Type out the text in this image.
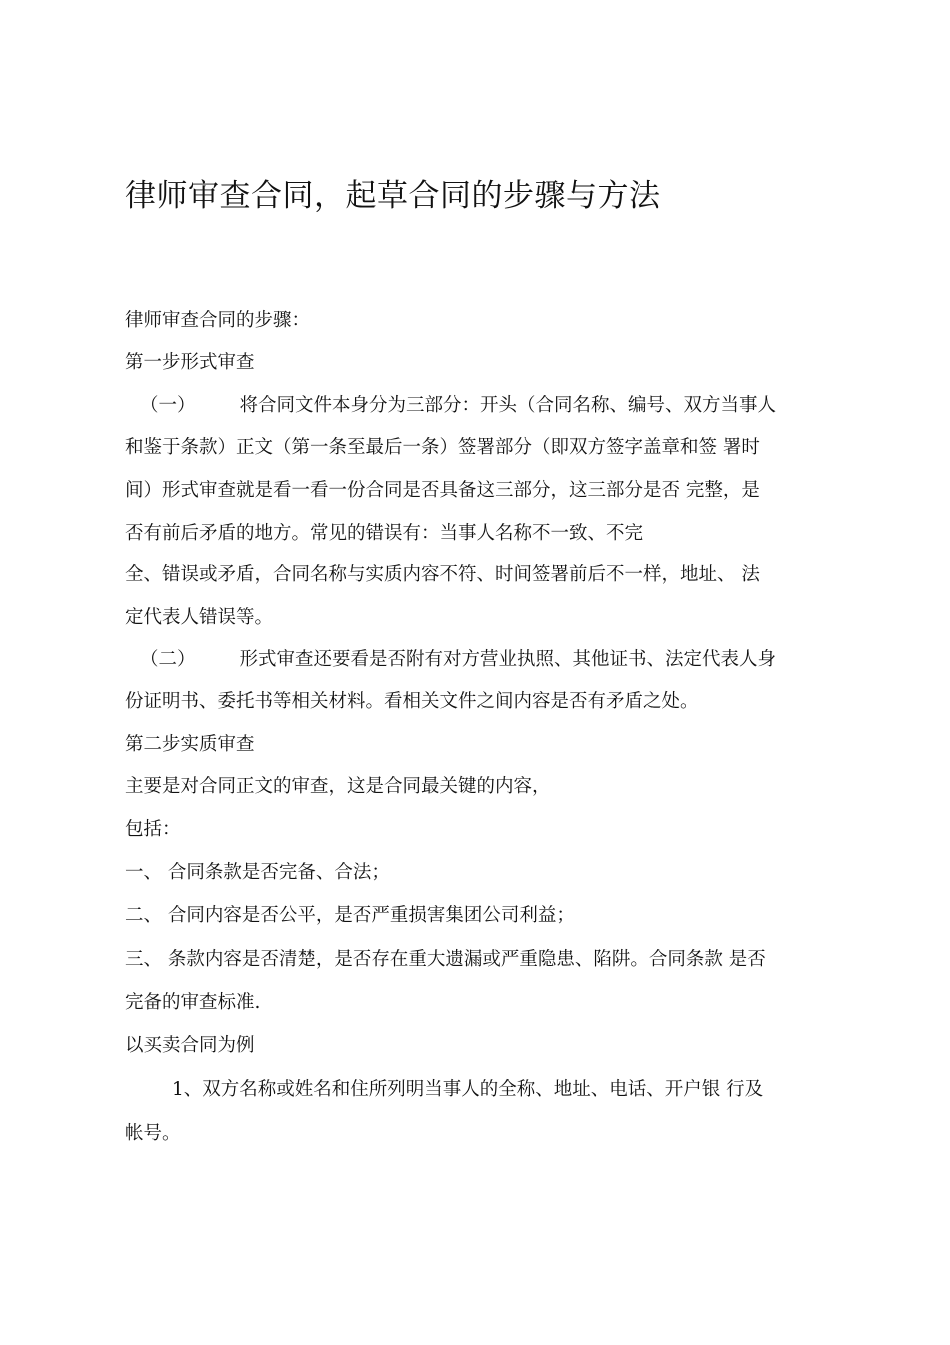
律师审查合同，起草合同的步骤与方法
律师审查合同的步骤：
第一步形式审查
（一） 将合同文件本身分为三部分：开头（合同名称、编号、双方当事人
和鉴于条款）正文（第一条至最后一条）签署部分（即双方签字盖章和签 署时
间）形式审查就是看一看一份合同是否具备这三部分，这三部分是否 完整，是
否有前后矛盾的地方。常见的错误有：当事人名称不一致、不完
全、错误或矛盾，合同名称与实质内容不符、时间签署前后不一样，地址、 法
定代表人错误等。
（二） 形式审查还要看是否附有对方营业执照、其他证书、法定代表人身
份证明书、委托书等相关材料。看相关文件之间内容是否有矛盾之处。
第二步实质审查
主要是对合同正文的审查，这是合同最关键的内容，
包括：
一、 合同条款是否完备、合法；
二、 合同内容是否公平，是否严重损害集团公司利益；
三、 条款内容是否清楚，是否存在重大遗漏或严重隐患、陷阱。合同条款 是否
完备的审查标准.
以买卖合同为例
1、双方名称或姓名和住所列明当事人的全称、地址、电话、开户银 行及
帐号。
